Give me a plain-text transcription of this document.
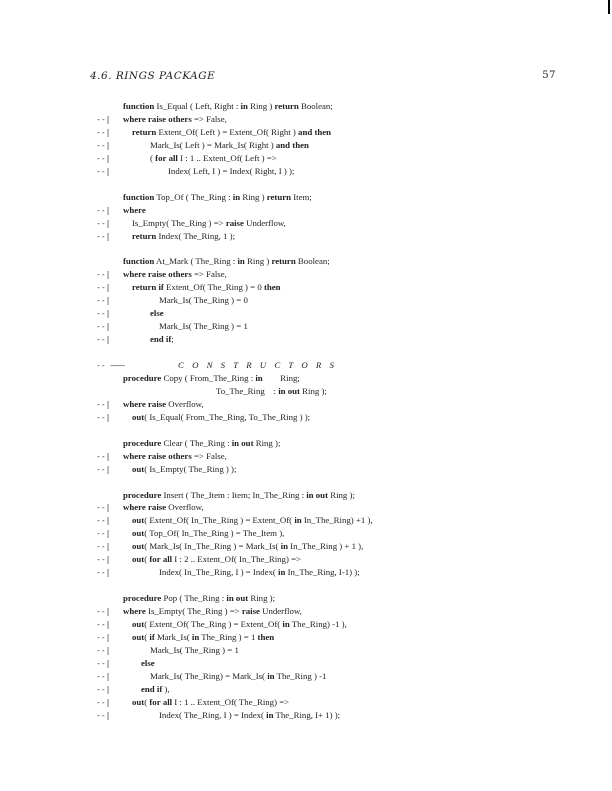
4.6. RINGS PACKAGE	57
function Is_Equal ( Left, Right : in Ring ) return Boolean;
--| where raise others => False,
--| return Extent_Of( Left ) = Extent_Of( Right ) and then
--|	Mark_Is( Left ) = Mark_Is( Right ) and then
--|	( for all I : 1 .. Extent_Of( Left ) =>
--|	Index( Left, I ) = Index( Right, I ) );
function Top_Of ( The_Ring : in Ring ) return Item;
--| where
--| Is_Empty( The_Ring ) => raise Underflow,
--| return Index( The_Ring, 1 );
function At_Mark ( The_Ring : in Ring ) return Boolean;
--| where raise others => False,
--| return if Extent_Of( The_Ring ) = 0 then
--|	Mark_Is( The_Ring ) = 0
--|	else
--|	Mark_Is( The_Ring ) = 1
--|	end if;
-- ———	C O N S T R U C T O R S
procedure Copy ( From_The_Ring : in        Ring;
To_The_Ring    : in out Ring );
--| where raise Overflow,
--| out( Is_Equal( From_The_Ring, To_The_Ring ) );
procedure Clear ( The_Ring : in out Ring );
--| where raise others => False,
--| out( Is_Empty( The_Ring ) );
procedure Insert ( The_Item : Item; In_The_Ring : in out Ring );
--| where raise Overflow,
--| out( Extent_Of( In_The_Ring ) = Extent_Of( in In_The_Ring) +1 ),
--| out( Top_Of( In_The_Ring ) = The_Item ),
--| out( Mark_Is( In_The_Ring ) = Mark_Is( in In_The_Ring ) + 1 ),
--| out( for all I : 2 .. Extent_Of( In_The_Ring) =>
--|	Index( In_The_Ring, I ) = Index( in In_The_Ring, I-1) );
procedure Pop ( The_Ring : in out Ring );
--| where Is_Empty( The_Ring ) => raise Underflow,
--| out( Extent_Of( The_Ring ) = Extent_Of( in The_Ring) -1 ),
--| out( if Mark_Is( in The_Ring ) = 1 then
--|	Mark_Is( The_Ring ) = 1
--|	else
--|	Mark_Is( The_Ring) = Mark_Is( in The_Ring ) -1
--|	end if ),
--| out( for all I : 1 .. Extent_Of( The_Ring) =>
--|	Index( The_Ring, I ) = Index( in The_Ring, I+ 1) );
